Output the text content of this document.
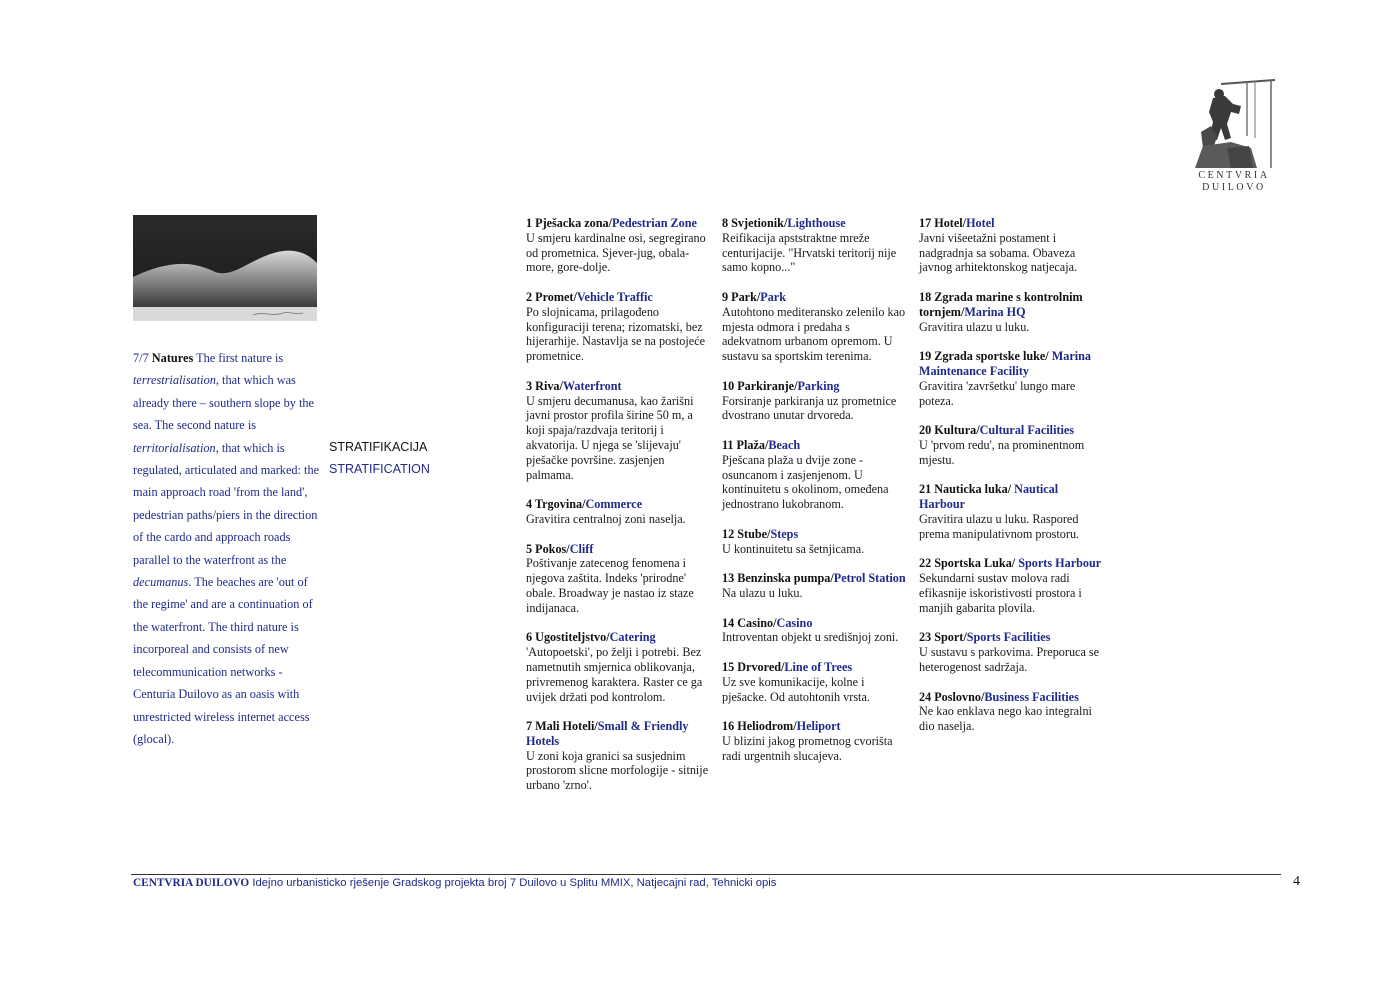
CENTVRIA
DUILOVO
7/7 Natures The first nature is terrestrialisation, that which was already there – southern slope by the sea. The second nature is territorialisation, that which is regulated, articulated and marked: the main approach road 'from the land', pedestrian paths/piers in the direction of the cardo and approach roads parallel to the waterfront as the decumanus. The beaches are 'out of the regime' and are a continuation of the waterfront. The third nature is incorporeal and consists of new telecommunication networks - Centuria Duilovo as an oasis with unrestricted wireless internet access (glocal).
STRATIFIKACIJA
STRATIFICATION
1 Pješacka zona/Pedestrian Zone
U smjeru kardinalne osi, segregirano od prometnica. Sjever-jug, obala-more, gore-dolje.
2 Promet/Vehicle Traffic
Po slojnicama, prilagođeno konfiguraciji terena; rizomatski, bez hijerarhije. Nastavlja se na postojeće prometnice.
3 Riva/Waterfront
U smjeru decumanusa, kao žarišni javni prostor profila širine 50 m, a koji spaja/razdvaja teritorij i akvatorija. U njega se 'slijevaju' pješačke površine. zasjenjen palmama.
4 Trgovina/Commerce
Gravitira centralnoj zoni naselja.
5 Pokos/Cliff
Poštivanje zatecenog fenomena i njegova zaštita. Indeks 'prirodne' obale. Broadway je nastao iz staze indijanaca.
6 Ugostiteljstvo/Catering
'Autopoetski', po želji i potrebi. Bez nametnutih smjernica oblikovanja, privremenog karaktera. Raster ce ga uvijek držati pod kontrolom.
7 Mali Hoteli/Small & Friendly Hotels
U zoni koja granici sa susjednim prostorom slicne morfologije - sitnije urbano 'zrno'.
8 Svjetionik/Lighthouse
Reifikacija apststraktne mreže centurijacije. "Hrvatski teritorij nije samo kopno..."
9 Park/Park
Autohtono mediteransko zelenilo kao mjesta odmora i predaha s adekvatnom urbanom opremom. U sustavu sa sportskim terenima.
10 Parkiranje/Parking
Forsiranje parkiranja uz prometnice dvostrano unutar drvoreda.
11 Plaža/Beach
Pješcana plaža u dvije zone - osuncanom i zasjenjenom. U kontinuitetu s okolinom, omeđena jednostrano lukobranom.
12 Stube/Steps
U kontinuitetu sa šetnjicama.
13 Benzinska pumpa/Petrol Station
Na ulazu u luku.
14 Casino/Casino
Introventan objekt u središnjoj zoni.
15 Drvored/Line of Trees
Uz sve komunikacije, kolne i pješacke. Od autohtonih vrsta.
16 Heliodrom/Heliport
U blizini jakog prometnog cvorišta radi urgentnih slucajeva.
17 Hotel/Hotel
Javni višeetažni postament i nadgradnja sa sobama. Obaveza javnog arhitektonskog natjecaja.
18 Zgrada marine s kontrolnim tornjem/Marina HQ
Gravitira ulazu u luku.
19 Zgrada sportske luke/ Marina Maintenance Facility
Gravitira 'završetku' lungo mare poteza.
20 Kultura/Cultural Facilities
U 'prvom redu', na prominentnom mjestu.
21 Nauticka luka/ Nautical Harbour
Gravitira ulazu u luku. Raspored prema manipulativnom prostoru.
22 Sportska Luka/ Sports Harbour
Sekundarni sustav molova radi efikasnije iskoristivosti prostora i manjih gabarita plovila.
23 Sport/Sports Facilities
U sustavu s parkovima. Preporuca se heterogenost sadržaja.
24 Poslovno/Business Facilities
Ne kao enklava nego kao integralni dio naselja.
CENTVRIA DUILOVO Idejno urbanisticko rješenje Gradskog projekta broj 7 Duilovo u Splitu MMIX, Natjecajni rad, Tehnicki opis	4
